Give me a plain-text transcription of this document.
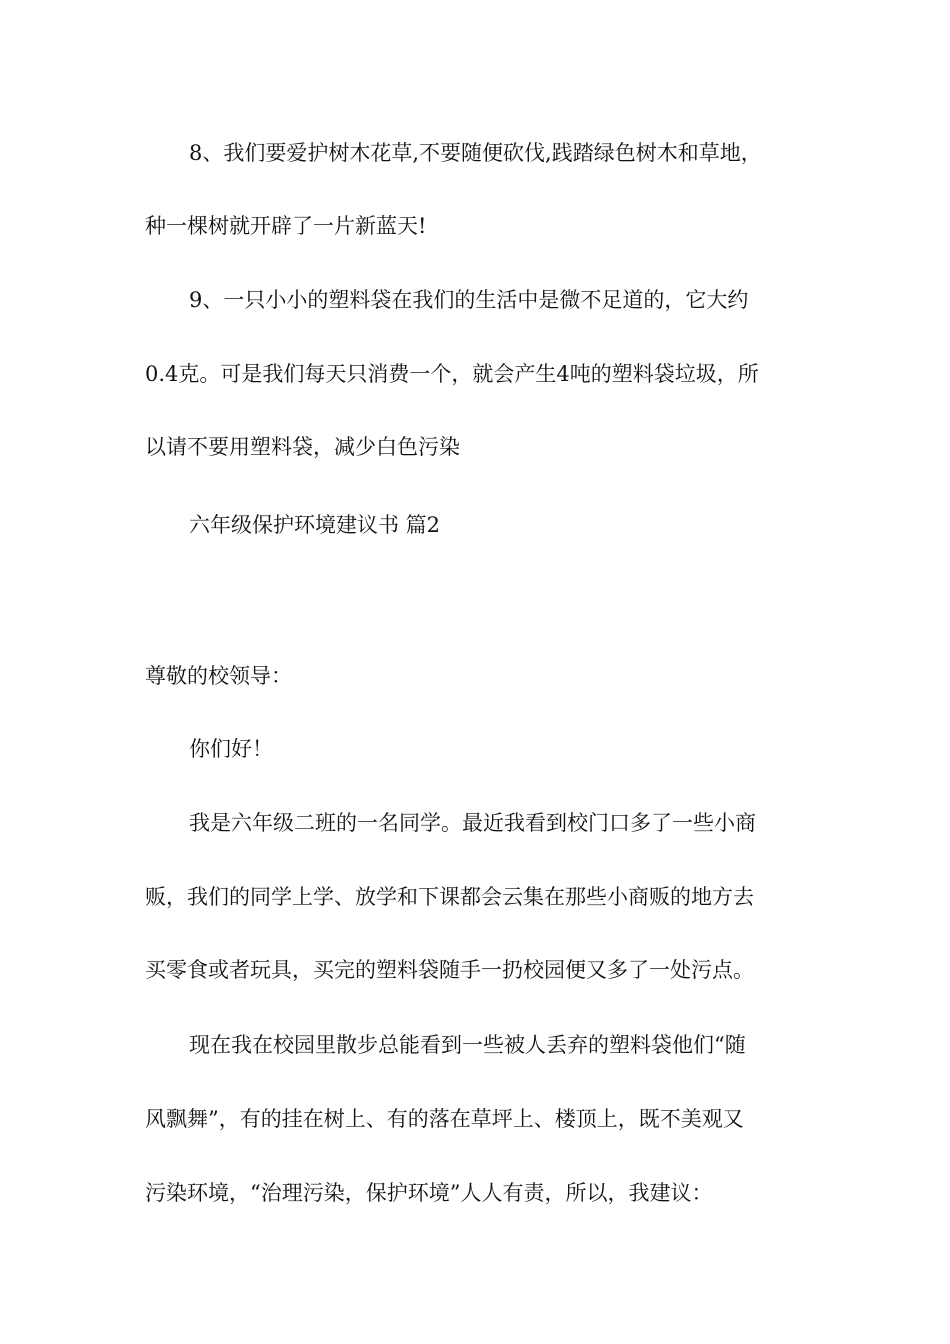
8、我们要爱护树木花草,不要随便砍伐,践踏绿色树木和草地，
种一棵树就开辟了一片新蓝天!
9、一只小小的塑料袋在我们的生活中是微不足道的，它大约
0.4克。可是我们每天只消费一个，就会产生4吨的塑料袋垃圾，所
以请不要用塑料袋，减少白色污染
六年级保护环境建议书 篇2
尊敬的校领导：
你们好！
我是六年级二班的一名同学。最近我看到校门口多了一些小商
贩，我们的同学上学、放学和下课都会云集在那些小商贩的地方去
买零食或者玩具，买完的塑料袋随手一扔校园便又多了一处污点。
现在我在校园里散步总能看到一些被人丢弃的塑料袋他们“随
风飘舞”，有的挂在树上、有的落在草坪上、楼顶上，既不美观又
污染环境，“治理污染，保护环境”人人有责，所以，我建议：
